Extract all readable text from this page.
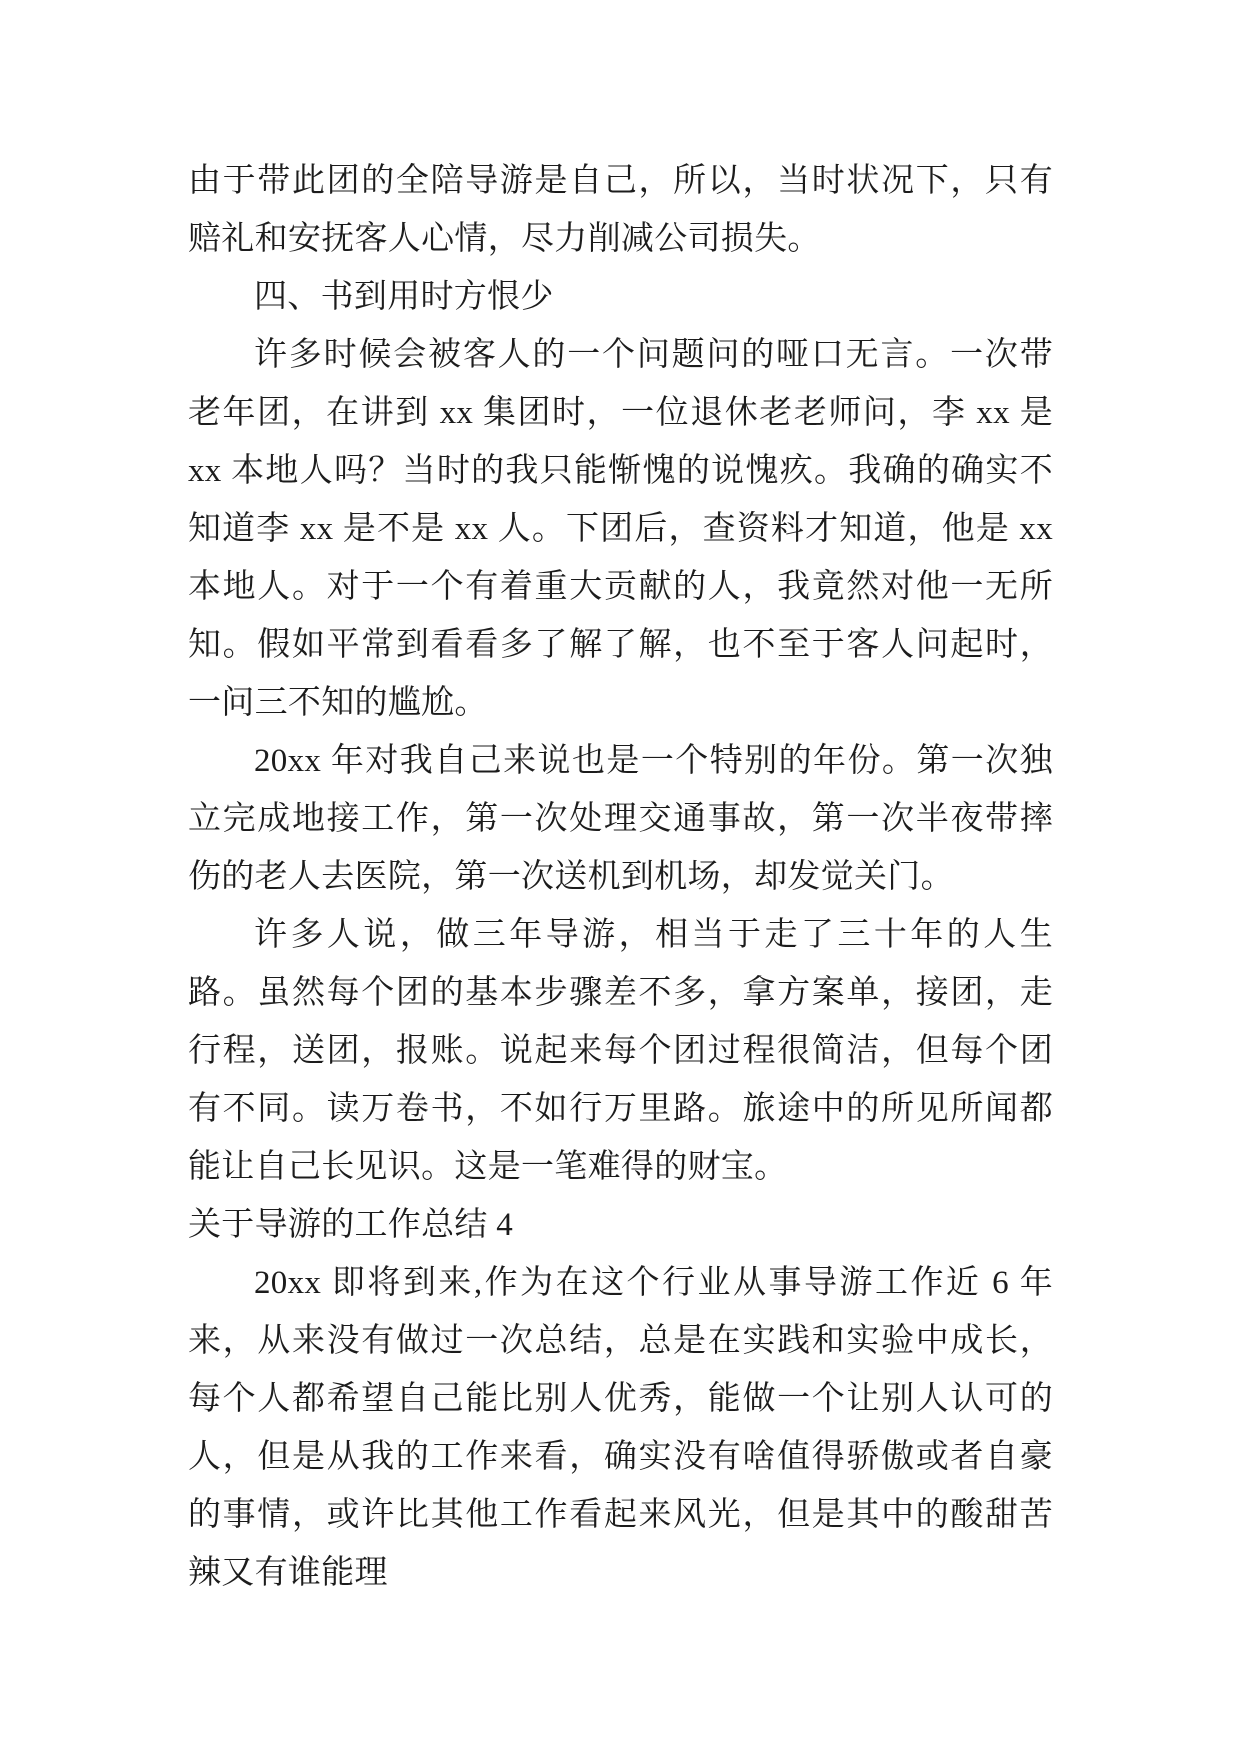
由于带此团的全陪导游是自己，所以，当时状况下，只有赔礼和安抚客人心情，尽力削减公司损失。

四、书到用时方恨少

许多时候会被客人的一个问题问的哑口无言。一次带老年团，在讲到 xx 集团时，一位退休老老师问，李 xx 是 xx 本地人吗？当时的我只能惭愧的说愧疚。我确的确实不知道李 xx 是不是 xx 人。下团后，查资料才知道，他是 xx 本地人。对于一个有着重大贡献的人，我竟然对他一无所知。假如平常到看看多了解了解，也不至于客人问起时，一问三不知的尴尬。

20xx 年对我自己来说也是一个特别的年份。第一次独立完成地接工作，第一次处理交通事故，第一次半夜带摔伤的老人去医院，第一次送机到机场，却发觉关门。

许多人说，做三年导游，相当于走了三十年的人生路。虽然每个团的基本步骤差不多，拿方案单，接团，走行程，送团，报账。说起来每个团过程很简洁，但每个团有不同。读万卷书，不如行万里路。旅途中的所见所闻都能让自己长见识。这是一笔难得的财宝。

关于导游的工作总结 4

20xx 即将到来,作为在这个行业从事导游工作近 6 年来，从来没有做过一次总结，总是在实践和实验中成长，每个人都希望自己能比别人优秀，能做一个让别人认可的人，但是从我的工作来看，确实没有啥值得骄傲或者自豪的事情，或许比其他工作看起来风光，但是其中的酸甜苦辣又有谁能理
